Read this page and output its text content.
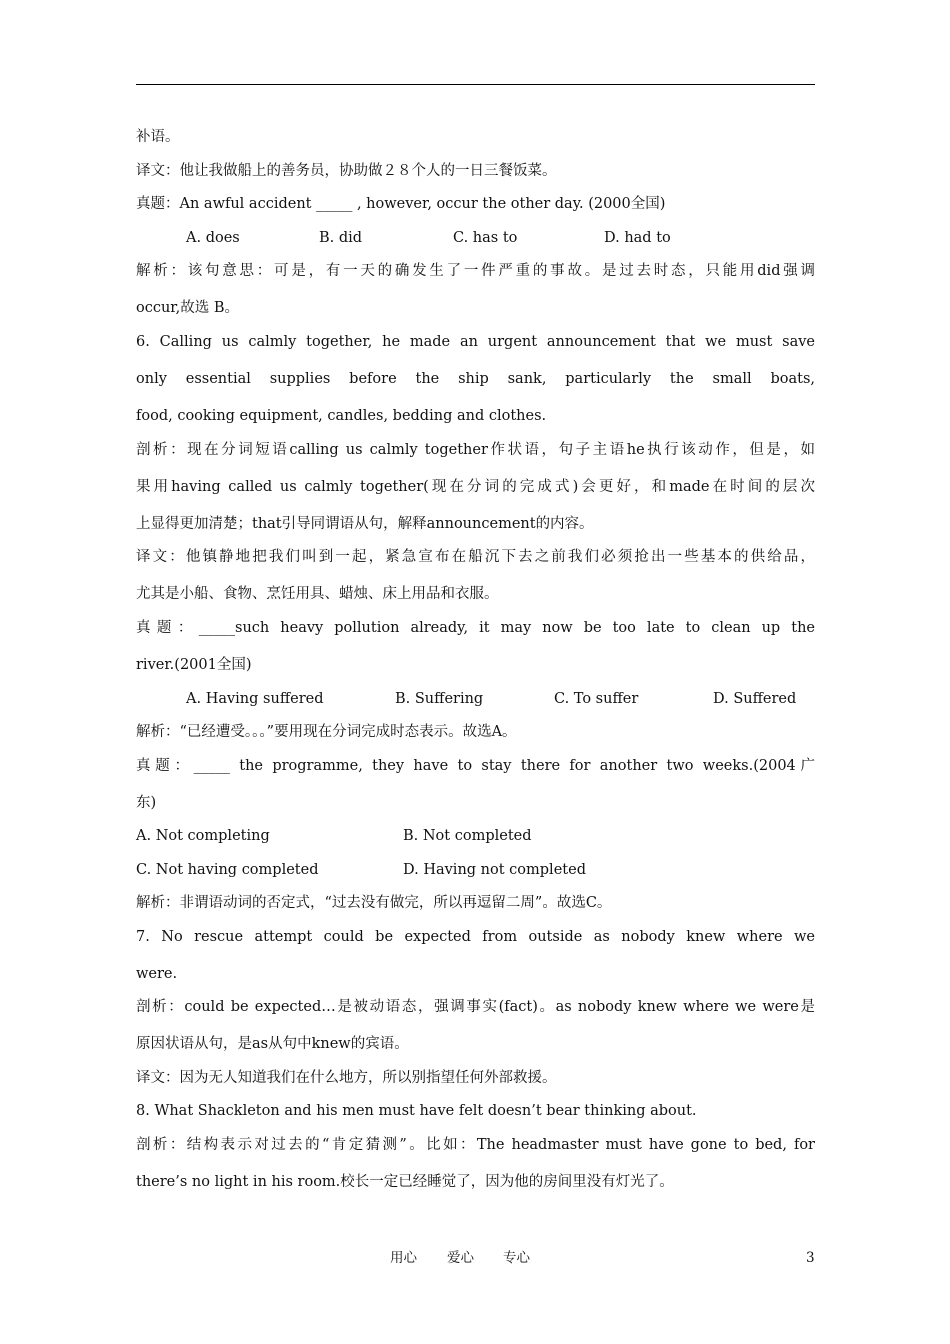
补语。
译文：他让我做船上的善务员，协助做２８个人的一日三餐饭菜。
真题：An awful accident _____ , however, occur the other day. (2000全国)
A. does	B. did	C. has to	D. had to
解析：该句意思：可是，有一天的确发生了一件严重的事故。是过去时态，只能用did强调
occur,故选 B。
6. Calling us calmly together, he made an urgent announcement that we must save
only essential supplies before the ship sank, particularly the small boats,
food, cooking equipment, candles, bedding and clothes.
剖析：现在分词短语calling us calmly together作状语，句子主语he执行该动作，但是，如
果用having called us calmly together(现在分词的完成式)会更好，和made在时间的层次
上显得更加清楚；that引导同谓语从句，解释announcement的内容。
译文：他镇静地把我们叫到一起，紧急宣布在船沉下去之前我们必须抢出一些基本的供给品，
尤其是小船、食物、烹饪用具、蜡烛、床上用品和衣服。
真题：_____such heavy pollution already, it may now be too late to clean up the
river.(2001全国)
A. Having suffered	B. Suffering	C. To suffer	D. Suffered
解析：“已经遭受。。。”要用现在分词完成时态表示。故选A。
真题：_____ the programme, they have to stay there for another two weeks.(2004广
东)
A. Not completing	B. Not completed
C. Not having completed	D. Having not completed
解析：非谓语动词的否定式，“过去没有做完，所以再逗留二周”。故选C。
7. No rescue attempt could be expected from outside as nobody knew where we
were.
剖析：could be expected…是被动语态，强调事实(fact)。as nobody knew where we were是
原因状语从句，是as从句中knew的宾语。
译文：因为无人知道我们在什么地方，所以别指望任何外部救援。
8. What Shackleton and his men must have felt doesn’t bear thinking about.
剖析：结构表示对过去的“肯定猜测”。比如：The headmaster must have gone to bed, for
there’s no light in his room.校长一定已经睡觉了，因为他的房间里没有灯光了。
用心 爱心 专心	3
